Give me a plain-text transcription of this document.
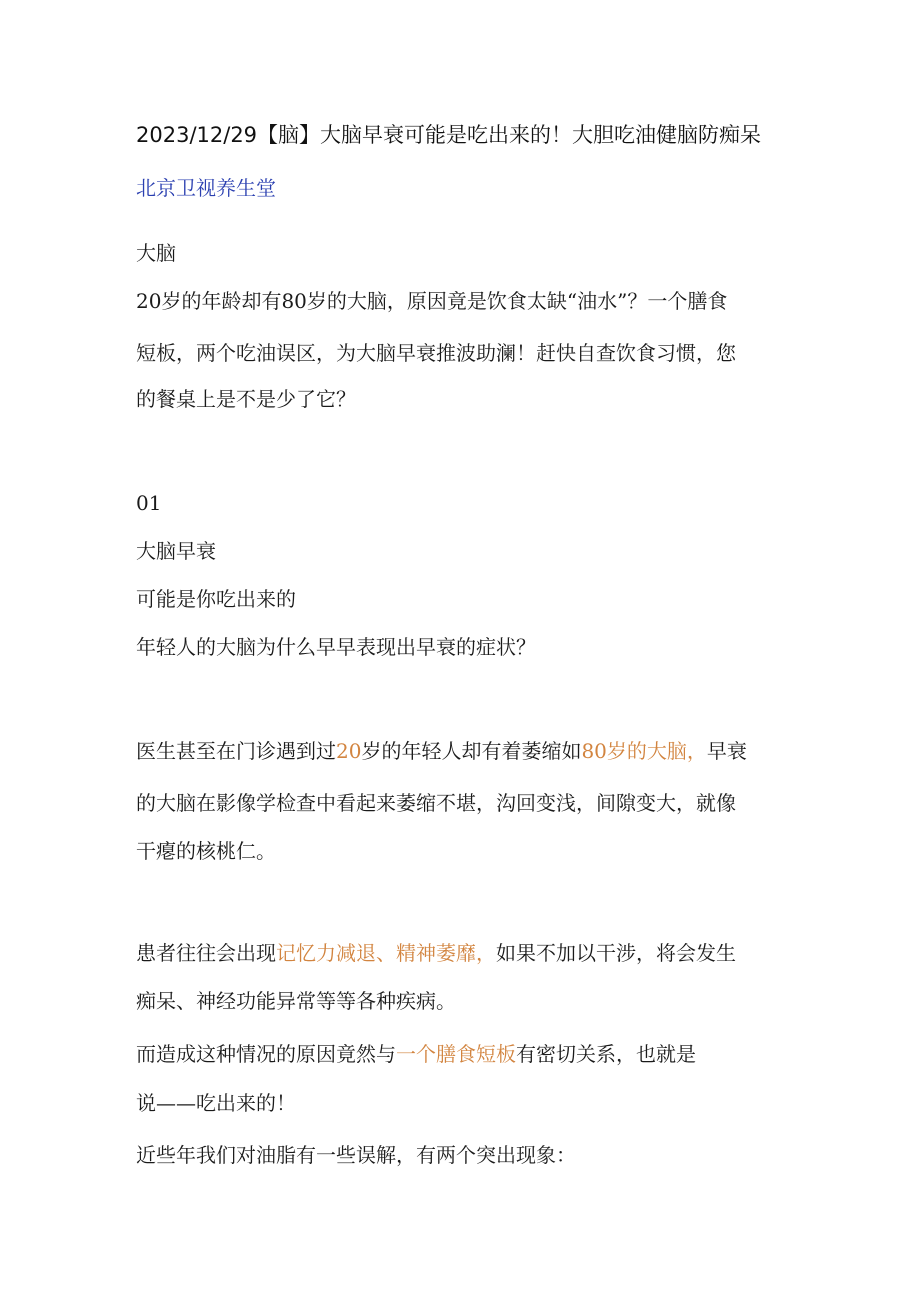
2023/12/29【脑】大脑早衰可能是吃出来的！大胆吃油健脑防痴呆

北京卫视养生堂

大脑

20岁的年龄却有80岁的大脑，原因竟是饮食太缺“油水”？一个膳食

短板，两个吃油误区，为大脑早衰推波助澜！赶快自查饮食习惯，您

的餐桌上是不是少了它？

01

大脑早衰

可能是你吃出来的

年轻人的大脑为什么早早表现出早衰的症状？

医生甚至在门诊遇到过20岁的年轻人却有着萎缩如80岁的大脑，早衰

的大脑在影像学检查中看起来萎缩不堪，沟回变浅，间隙变大，就像

干瘪的核桃仁。

患者往往会出现记忆力减退、精神萎靡，如果不加以干涉，将会发生

痴呆、神经功能异常等等各种疾病。

而造成这种情况的原因竟然与一个膳食短板有密切关系，也就是

说——吃出来的！

近些年我们对油脂有一些误解，有两个突出现象：
